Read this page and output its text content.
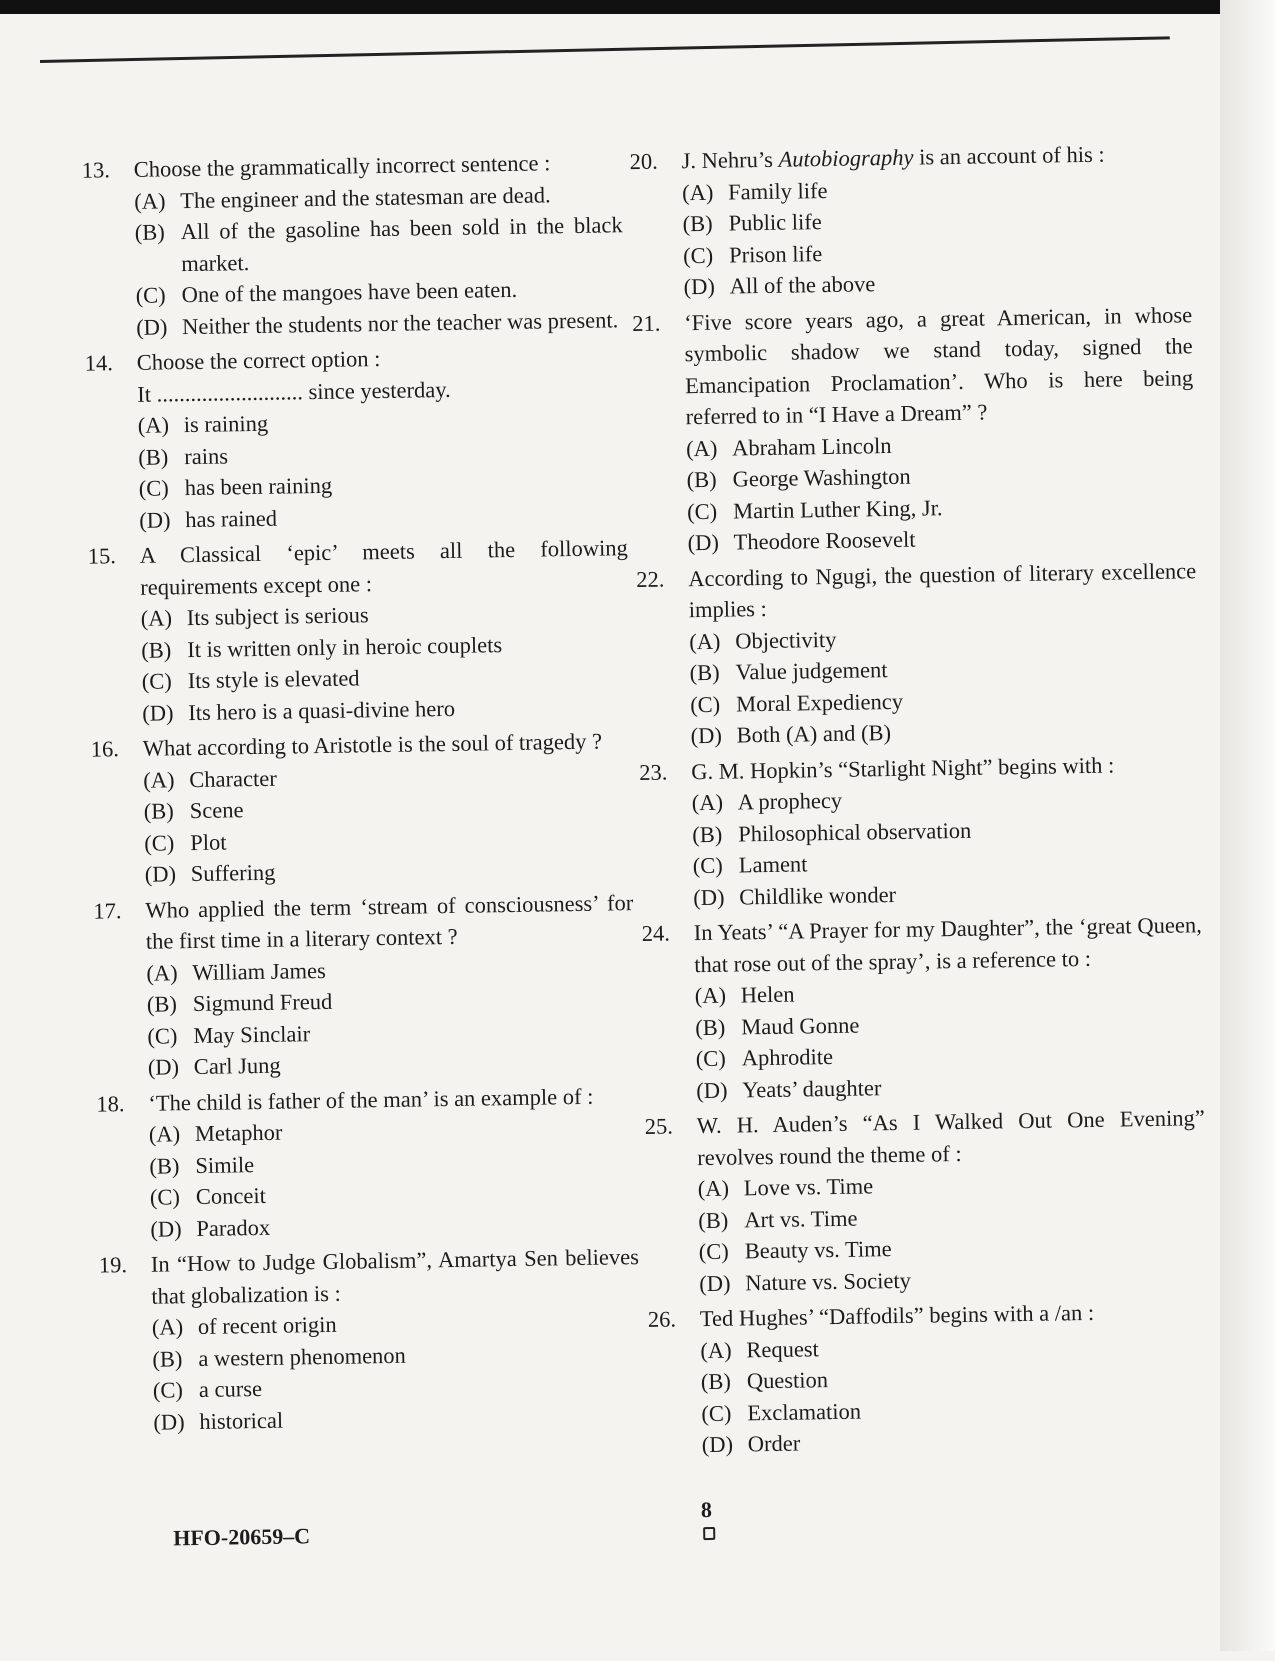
13. Choose the grammatically incorrect sentence :
(A) The engineer and the statesman are dead.
(B) All of the gasoline has been sold in the black market.
(C) One of the mangoes have been eaten.
(D) Neither the students nor the teacher was present.
14. Choose the correct option :
It .......................... since yesterday.
(A) is raining
(B) rains
(C) has been raining
(D) has rained
15. A Classical ‘epic’ meets all the following requirements except one :
(A) Its subject is serious
(B) It is written only in heroic couplets
(C) Its style is elevated
(D) Its hero is a quasi-divine hero
16. What according to Aristotle is the soul of tragedy ?
(A) Character
(B) Scene
(C) Plot
(D) Suffering
17. Who applied the term ‘stream of consciousness’ for the first time in a literary context ?
(A) William James
(B) Sigmund Freud
(C) May Sinclair
(D) Carl Jung
18. ‘The child is father of the man’ is an example of :
(A) Metaphor
(B) Simile
(C) Conceit
(D) Paradox
19. In “How to Judge Globalism”, Amartya Sen believes that globalization is :
(A) of recent origin
(B) a western phenomenon
(C) a curse
(D) historical
20. J. Nehru’s Autobiography is an account of his :
(A) Family life
(B) Public life
(C) Prison life
(D) All of the above
21. ‘Five score years ago, a great American, in whose symbolic shadow we stand today, signed the Emancipation Proclamation’. Who is here being referred to in “I Have a Dream” ?
(A) Abraham Lincoln
(B) George Washington
(C) Martin Luther King, Jr.
(D) Theodore Roosevelt
22. According to Ngugi, the question of literary excellence implies :
(A) Objectivity
(B) Value judgement
(C) Moral Expediency
(D) Both (A) and (B)
23. G. M. Hopkin’s “Starlight Night” begins with :
(A) A prophecy
(B) Philosophical observation
(C) Lament
(D) Childlike wonder
24. In Yeats’ “A Prayer for my Daughter”, the ‘great Queen, that rose out of the spray’, is a reference to :
(A) Helen
(B) Maud Gonne
(C) Aphrodite
(D) Yeats’ daughter
25. W. H. Auden’s “As I Walked Out One Evening” revolves round the theme of :
(A) Love vs. Time
(B) Art vs. Time
(C) Beauty vs. Time
(D) Nature vs. Society
26. Ted Hughes’ “Daffodils” begins with a /an :
(A) Request
(B) Question
(C) Exclamation
(D) Order
HFO-20659–C
8
